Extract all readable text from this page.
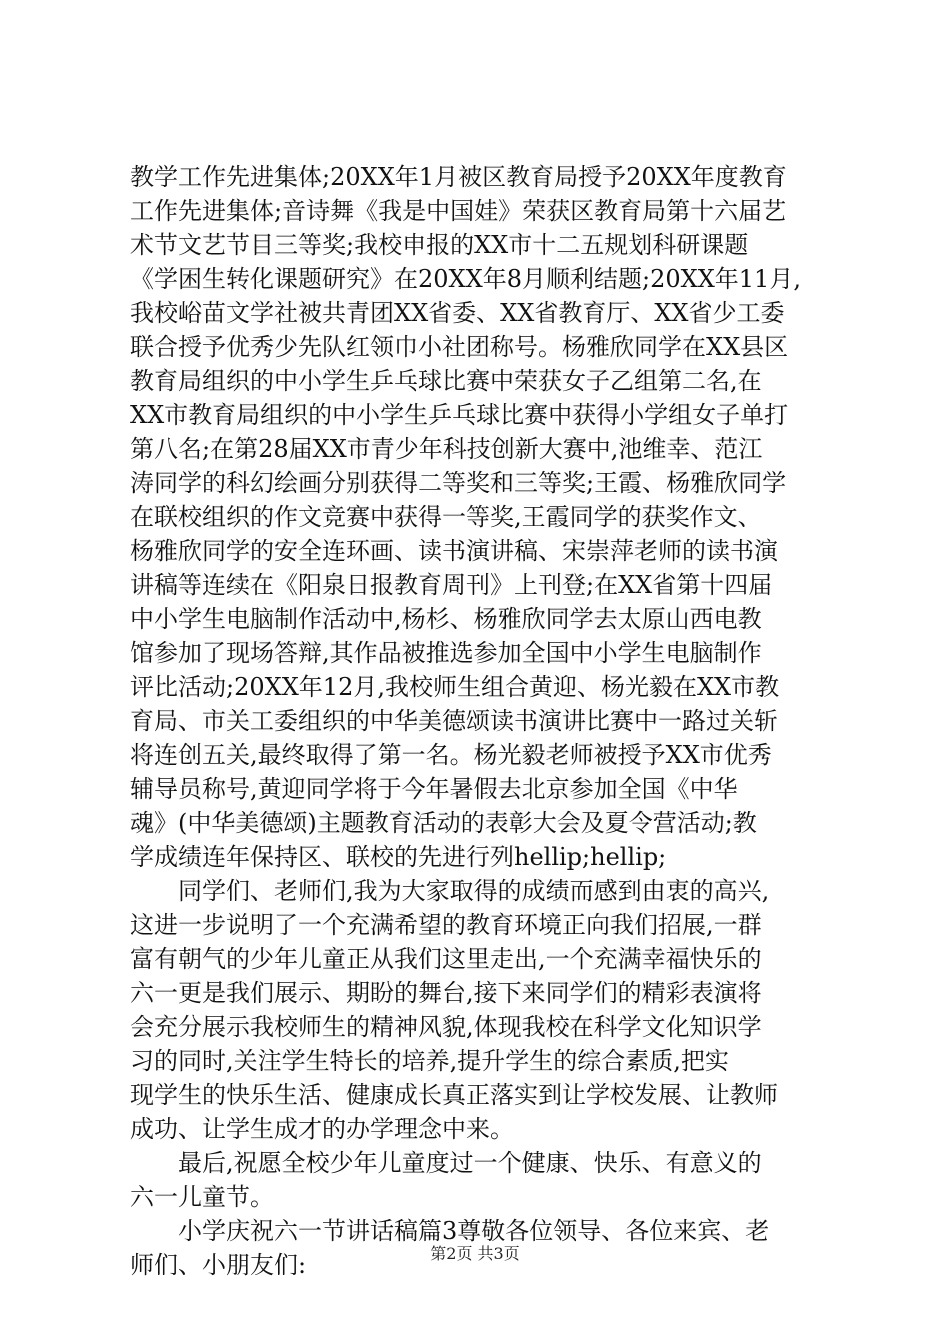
教学工作先进集体;20XX年1月被区教育局授予20XX年度教育
工作先进集体;音诗舞《我是中国娃》荣获区教育局第十六届艺
术节文艺节目三等奖;我校申报的XX市十二五规划科研课题
《学困生转化课题研究》在20XX年8月顺利结题;20XX年11月,
我校峪苗文学社被共青团XX省委、XX省教育厅、XX省少工委
联合授予优秀少先队红领巾小社团称号。杨雅欣同学在XX县区
教育局组织的中小学生乒乓球比赛中荣获女子乙组第二名,在
XX市教育局组织的中小学生乒乓球比赛中获得小学组女子单打
第八名;在第28届XX市青少年科技创新大赛中,池维幸、范江
涛同学的科幻绘画分别获得二等奖和三等奖;王霞、杨雅欣同学
在联校组织的作文竞赛中获得一等奖,王霞同学的获奖作文、
杨雅欣同学的安全连环画、读书演讲稿、宋崇萍老师的读书演
讲稿等连续在《阳泉日报教育周刊》上刊登;在XX省第十四届
中小学生电脑制作活动中,杨杉、杨雅欣同学去太原山西电教
馆参加了现场答辩,其作品被推选参加全国中小学生电脑制作
评比活动;20XX年12月,我校师生组合黄迎、杨光毅在XX市教
育局、市关工委组织的中华美德颂读书演讲比赛中一路过关斩
将连创五关,最终取得了第一名。杨光毅老师被授予XX市优秀
辅导员称号,黄迎同学将于今年暑假去北京参加全国《中华
魂》(中华美德颂)主题教育活动的表彰大会及夏令营活动;教
学成绩连年保持区、联校的先进行列hellip;hellip;
同学们、老师们,我为大家取得的成绩而感到由衷的高兴,
这进一步说明了一个充满希望的教育环境正向我们招展,一群
富有朝气的少年儿童正从我们这里走出,一个充满幸福快乐的
六一更是我们展示、期盼的舞台,接下来同学们的精彩表演将
会充分展示我校师生的精神风貌,体现我校在科学文化知识学
习的同时,关注学生特长的培养,提升学生的综合素质,把实
现学生的快乐生活、健康成长真正落实到让学校发展、让教师
成功、让学生成才的办学理念中来。
最后,祝愿全校少年儿童度过一个健康、快乐、有意义的
六一儿童节。
小学庆祝六一节讲话稿篇3尊敬各位领导、各位来宾、老
师们、小朋友们:	第2页 共3页
